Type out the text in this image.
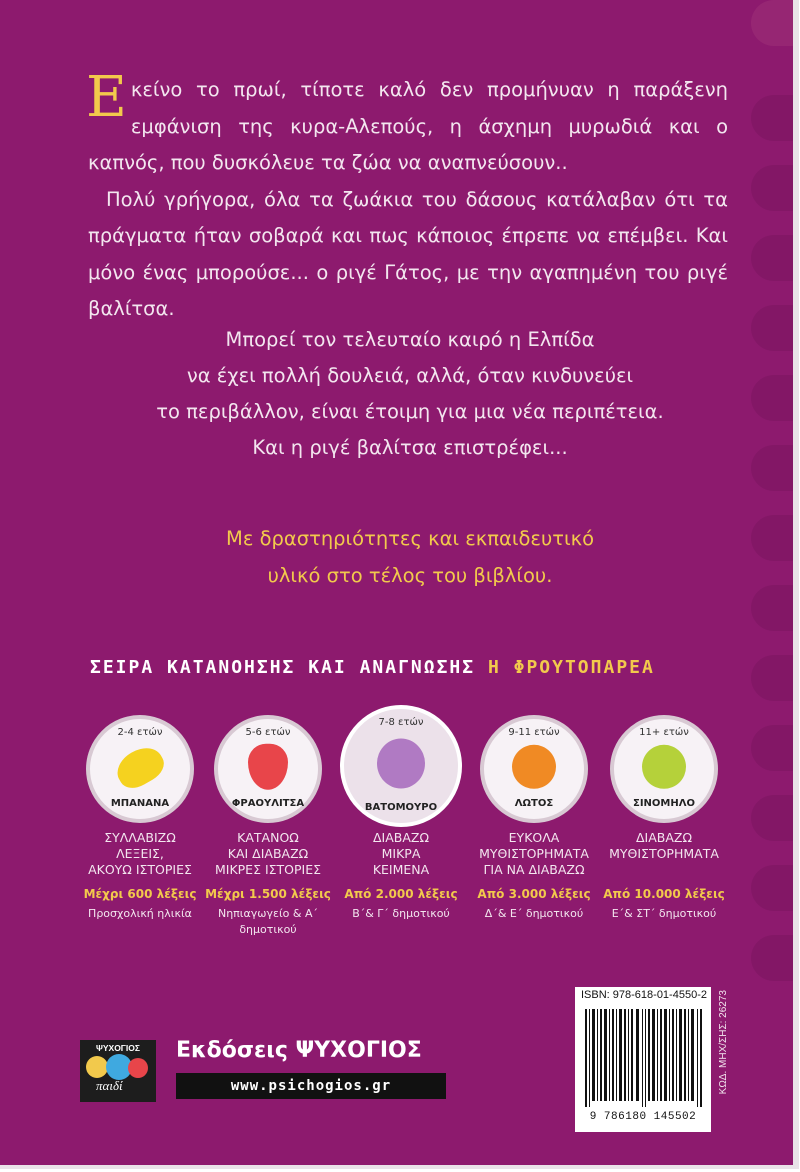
Ε κείνο το πρωί, τίποτε καλό δεν προμήνυαν η παράξενη εμφάνιση της κυρα-Αλεπούς, η άσχημη μυρωδιά και ο καπνός, που δυσκόλευε τα ζώα να αναπνεύσουν..

Πολύ γρήγορα, όλα τα ζωάκια του δάσους κατάλαβαν ότι τα πράγματα ήταν σοβαρά και πως κάποιος έπρεπε να επέμβει. Και μόνο ένας μπορούσε... ο ριγέ Γάτος, με την αγαπημένη του ριγέ βαλίτσα.

Μπορεί τον τελευταίο καιρό η Ελπίδα
να έχει πολλή δουλειά, αλλά, όταν κινδυνεύει
το περιβάλλον, είναι έτοιμη για μια νέα περιπέτεια.
Και η ριγέ βαλίτσα επιστρέφει...
Με δραστηριότητες και εκπαιδευτικό
υλικό στο τέλος του βιβλίου.
ΣΕΙΡΑ ΚΑΤΑΝΟΗΣΗΣ ΚΑΙ ΑΝΑΓΝΩΣΗΣ Η ΦΡΟΥΤΟΠΑΡΕΑ
2-4 ετών
ΜΠΑΝΑΝΑ
5-6 ετών
ΦΡΑΟΥΛΙΤΣΑ
7-8 ετών
ΒΑΤΟΜΟΥΡΟ
9-11 ετών
ΛΩΤΟΣ
11+ ετών
ΣΙΝΟΜΗΛΟ
ΣΥΛΛΑΒΙΖΩ
ΛΕΞΕΙΣ,
ΑΚΟΥΩ ΙΣΤΟΡΙΕΣ
Μέχρι 600 λέξεις
Προσχολική ηλικία
ΚΑΤΑΝΟΩ
ΚΑΙ ΔΙΑΒΑΖΩ
ΜΙΚΡΕΣ ΙΣΤΟΡΙΕΣ
Μέχρι 1.500 λέξεις
Νηπιαγωγείο & Α΄ δημοτικού
ΔΙΑΒΑΖΩ
ΜΙΚΡΑ
ΚΕΙΜΕΝΑ
Από 2.000 λέξεις
Β΄& Γ΄ δημοτικού
ΕΥΚΟΛΑ
ΜΥΘΙΣΤΟΡΗΜΑΤΑ
ΓΙΑ ΝΑ ΔΙΑΒΑΖΩ
Από 3.000 λέξεις
Δ΄& Ε΄ δημοτικού
ΔΙΑΒΑΖΩ
ΜΥΘΙΣΤΟΡΗΜΑΤΑ
Από 10.000 λέξεις
Ε΄& ΣΤ΄ δημοτικού
ISBN: 978-618-01-4550-2
9 786180 145502
ΚΩΔ. ΜΗΧ/ΣΗΣ: 26273
ΨΥΧΟΓΙΟΣ
παιδί
Εκδόσεις ΨΥΧΟΓΙΟΣ
www.psichogios.gr
